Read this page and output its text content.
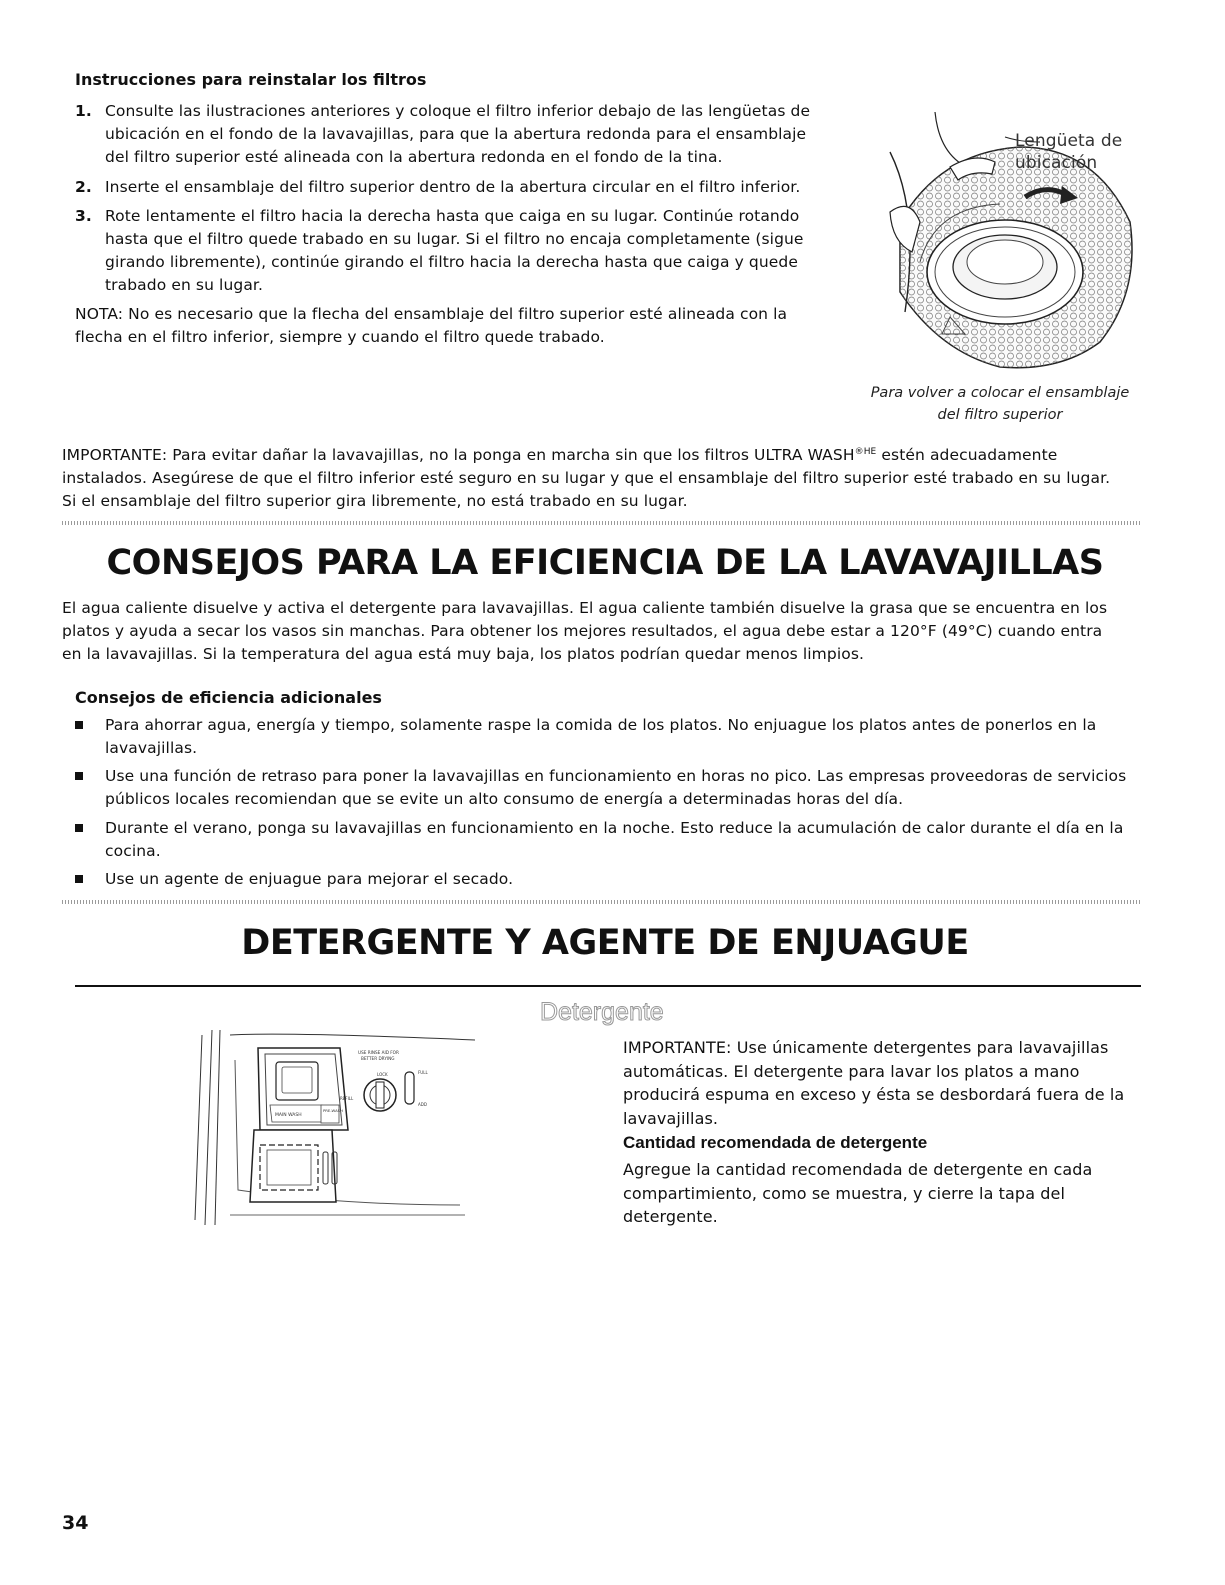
Instrucciones para reinstalar los filtros
1. Consulte las ilustraciones anteriores y coloque el filtro inferior debajo de las lengüetas de
ubicación en el fondo de la lavavajillas, para que la abertura redonda para el ensamblaje
del filtro superior esté alineada con la abertura redonda en el fondo de la tina.
2. Inserte el ensamblaje del filtro superior dentro de la abertura circular en el filtro inferior.
3. Rote lentamente el filtro hacia la derecha hasta que caiga en su lugar. Continúe rotando
hasta que el filtro quede trabado en su lugar. Si el filtro no encaja completamente (sigue
girando libremente), continúe girando el filtro hacia la derecha hasta que caiga y quede
trabado en su lugar.
NOTA: No es necesario que la flecha del ensamblaje del filtro superior esté alineada con la
flecha en el filtro inferior, siempre y cuando el filtro quede trabado.
Lengüeta de
ubicación
Para volver a colocar el ensamblaje
del filtro superior
IMPORTANTE: Para evitar dañar la lavavajillas, no la ponga en marcha sin que los filtros ULTRA $WASH^{®HE}$ estén adecuadamente
instalados. Asegúrese de que el filtro inferior esté seguro en su lugar y que el ensamblaje del filtro superior esté trabado en su lugar.
Si el ensamblaje del filtro superior gira libremente, no está trabado en su lugar.
CONSEJOS PARA LA EFICIENCIA DE LA LAVAVAJILLAS
El agua caliente disuelve y activa el detergente para lavavajillas. El agua caliente también disuelve la grasa que se encuentra en los
platos y ayuda a secar los vasos sin manchas. Para obtener los mejores resultados, el agua debe estar a 120°F (49°C) cuando entra
en la lavavajillas. Si la temperatura del agua está muy baja, los platos podrían quedar menos limpios.
Consejos de eficiencia adicionales
Para ahorrar agua, energía y tiempo, solamente raspe la comida de los platos. No enjuague los platos antes de ponerlos en la
lavavajillas.
Use una función de retraso para poner la lavavajillas en funcionamiento en horas no pico. Las empresas proveedoras de servicios
públicos locales recomiendan que se evite un alto consumo de energía a determinadas horas del día.
Durante el verano, ponga su lavavajillas en funcionamiento en la noche. Esto reduce la acumulación de calor durante el día en la
cocina.
Use un agente de enjuague para mejorar el secado.
DETERGENTE Y AGENTE DE ENJUAGUE
Detergente
MAIN WASH
PRE-WASH
REFILL
USE RINSE AID FOR
BETTER DRYING
LOCK	FULL
ADD
IMPORTANTE: Use únicamente detergentes para lavavajillas
automáticas. El detergente para lavar los platos a mano
producirá espuma en exceso y ésta se desbordará fuera de la
lavavajillas.
Cantidad recomendada de detergente
Agregue la cantidad recomendada de detergente en cada
compartimiento, como se muestra, y cierre la tapa del
detergente.
34
